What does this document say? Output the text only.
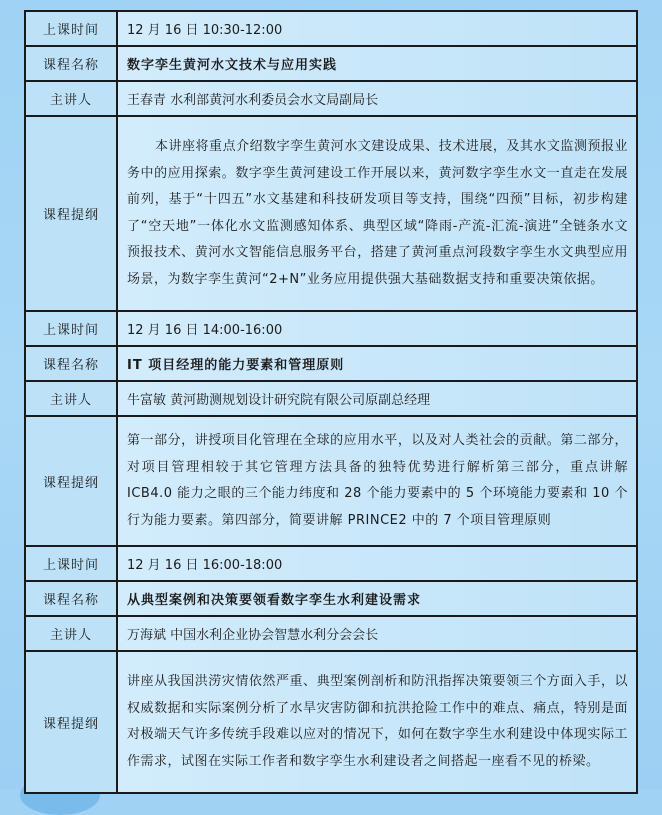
上课时间	12 月 16 日 10:30-12:00
课程名称	数字孪生黄河水文技术与应用实践
主讲人	王春青 水利部黄河水利委员会水文局副局长
课程提纲	本讲座将重点介绍数字孪生黄河水文建设成果、技术进展，及其水文监测预报业务中的应用探索。数字孪生黄河建设工作开展以来，黄河数字孪生水文一直走在发展前列，基于“十四五”水文基建和科技研发项目等支持，围绕“四预”目标，初步构建了“空天地”一体化水文监测感知体系、典型区域“降雨-产流-汇流-演进”全链条水文预报技术、黄河水文智能信息服务平台，搭建了黄河重点河段数字孪生水文典型应用场景，为数字孪生黄河“2+N”业务应用提供强大基础数据支持和重要决策依据。

上课时间	12 月 16 日 14:00-16:00
课程名称	IT 项目经理的能力要素和管理原则
主讲人	牛富敏 黄河勘测规划设计研究院有限公司原副总经理
课程提纲	第一部分，讲授项目化管理在全球的应用水平，以及对人类社会的贡献。第二部分，对项目管理相较于其它管理方法具备的独特优势进行解析第三部分，重点讲解 ICB4.0 能力之眼的三个能力纬度和 28 个能力要素中的 5 个环境能力要素和 10 个行为能力要素。第四部分，简要讲解 PRINCE2 中的 7 个项目管理原则

上课时间	12 月 16 日 16:00-18:00
课程名称	从典型案例和决策要领看数字孪生水利建设需求
主讲人	万海斌 中国水利企业协会智慧水利分会会长
课程提纲	讲座从我国洪涝灾情依然严重、典型案例剖析和防汛指挥决策要领三个方面入手，以权威数据和实际案例分析了水旱灾害防御和抗洪抢险工作中的难点、痛点，特别是面对极端天气许多传统手段难以应对的情况下，如何在数字孪生水利建设中体现实际工作需求，试图在实际工作者和数字孪生水利建设者之间搭起一座看不见的桥梁。
